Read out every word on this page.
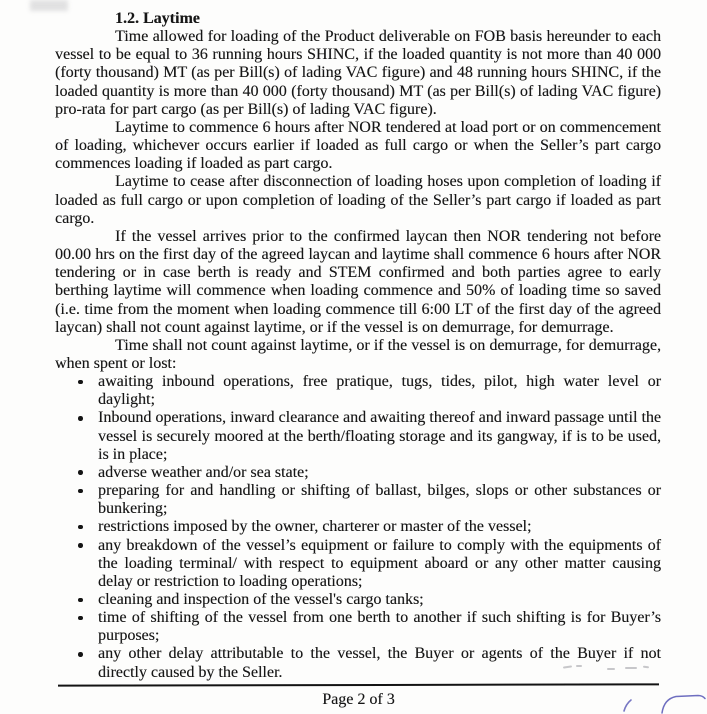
1.2. Laytime

Time allowed for loading of the Product deliverable on FOB basis hereunder to each vessel to be equal to 36 running hours SHINC, if the loaded quantity is not more than 40 000 (forty thousand) MT (as per Bill(s) of lading VAC figure) and 48 running hours SHINC, if the loaded quantity is more than 40 000 (forty thousand) MT (as per Bill(s) of lading VAC figure) pro-rata for part cargo (as per Bill(s) of lading VAC figure).

Laytime to commence 6 hours after NOR tendered at load port or on commencement of loading, whichever occurs earlier if loaded as full cargo or when the Seller’s part cargo commences loading if loaded as part cargo.

Laytime to cease after disconnection of loading hoses upon completion of loading if loaded as full cargo or upon completion of loading of the Seller’s part cargo if loaded as part cargo.

If the vessel arrives prior to the confirmed laycan then NOR tendering not before 00.00 hrs on the first day of the agreed laycan and laytime shall commence 6 hours after NOR tendering or in case berth is ready and STEM confirmed and both parties agree to early berthing laytime will commence when loading commence and 50% of loading time so saved (i.e. time from the moment when loading commence till 6:00 LT of the first day of the agreed laycan) shall not count against laytime, or if the vessel is on demurrage, for demurrage.

Time shall not count against laytime, or if the vessel is on demurrage, for demurrage, when spent or lost:

awaiting inbound operations, free pratique, tugs, tides, pilot, high water level or daylight;
Inbound operations, inward clearance and awaiting thereof and inward passage until the vessel is securely moored at the berth/floating storage and its gangway, if is to be used, is in place;
adverse weather and/or sea state;
preparing for and handling or shifting of ballast, bilges, slops or other substances or bunkering;
restrictions imposed by the owner, charterer or master of the vessel;
any breakdown of the vessel’s equipment or failure to comply with the equipments of the loading terminal/ with respect to equipment aboard or any other matter causing delay or restriction to loading operations;
cleaning and inspection of the vessel's cargo tanks;
time of shifting of the vessel from one berth to another if such shifting is for Buyer’s purposes;
any other delay attributable to the vessel, the Buyer or agents of the Buyer if not directly caused by the Seller.
Page 2 of 3
